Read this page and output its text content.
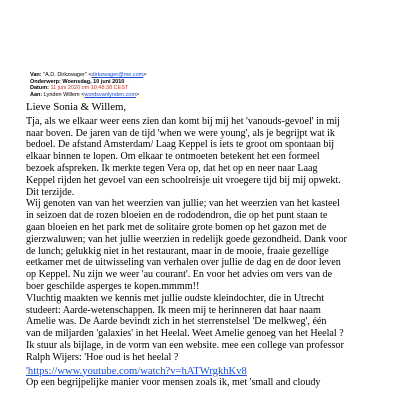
Van: "A.D. Dirkzwager" <dirkzwager@me.com>
Onderwerp: Woensdag, 10 juni 2010
Datum: 11 juni 2020 om 10:48:38 CEST
Aan: Lynden Willem <wordsvanlynden.com>
Lieve Sonia & Willem,
Tja, als we elkaar weer eens zien dan komt bij mij het 'vanouds-gevoel' in mij
naar boven. De jaren van de tijd 'when we were young', als je begrijpt wat ik
bedoel. De afstand Amsterdam/ Laag Keppel is iets te groot om spontaan bij
elkaar binnen te lopen. Om elkaar te ontmoeten betekent het een formeel
bezoek afspreken. Ik merkte tegen Vera op, dat het op en neer naar Laag
Keppel rijden het gevoel van een schoolreisje uit vroegere tijd bij mij opwekt.
Dit terzijde.
Wij genoten van van het weerzien van jullie; van het weerzien van het kasteel
in seizoen dat de rozen bloeien en de rododendron, die op het punt staan te
gaan bloeien en het park met de solitaire grote bomen op het gazon met de
gierzwaluwen; van het jullie weerzien in redelijk goede gezondheid. Dank voor
de lunch; gelukkig niet in het restaurant, maar in de mooie, fraaie gezellige
eetkamer met de uitwisseling van verhalen over jullie de dag en de door leven
op Keppel. Nu zijn we weer 'au courant'. En voor het advies om vers van de
boer geschilde asperges te kopen.mmmm!!
Vluchtig maakten we kennis met jullie oudste kleindochter, die in Utrecht
studeert: Aarde-wetenschappen. Ik meen mij te herinneren dat haar naam
Amelie was. De Aarde bevindt zich in het sterrenstelsel 'De melkweg', één
van de miljarden 'galaxies' in het Heelal. Weet Amelie genoeg van het Heelal ?
Ik stuur als bijlage, in de vorm van een website. mee een college van professor
Ralph Wijers: 'Hoe oud is het heelal ?
'https://www.youtube.com/watch?v=hATWrgkhKv8
Op een begrijpelijke manier voor mensen zoals ik, met 'small and cloudy
